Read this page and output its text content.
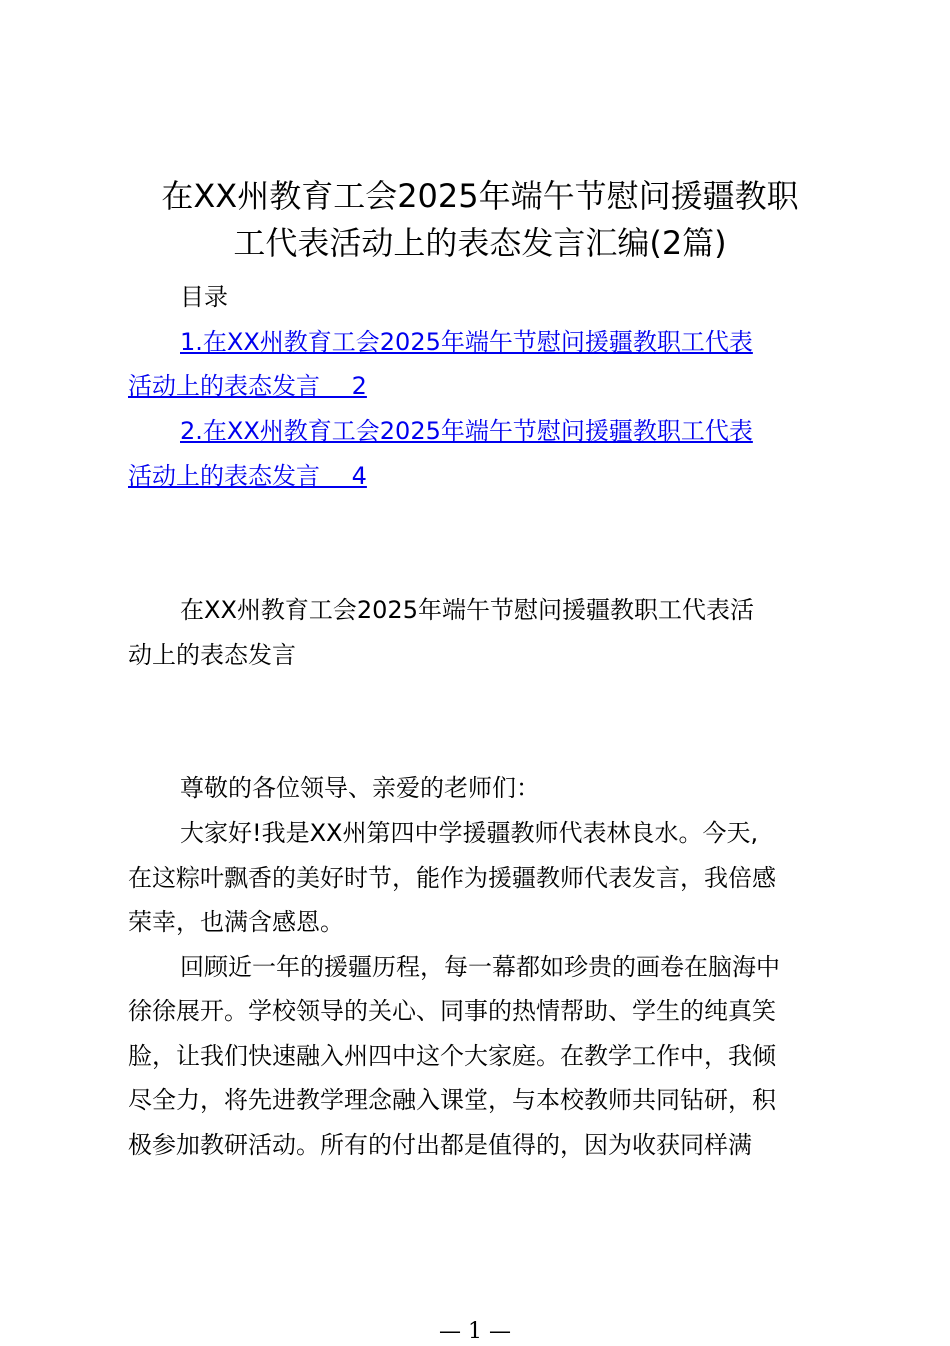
在XX州教育工会2025年端午节慰问援疆教职
工代表活动上的表态发言汇编(2篇)
目录
1.在XX州教育工会2025年端午节慰问援疆教职工代表
活动上的表态发言　 2
2.在XX州教育工会2025年端午节慰问援疆教职工代表
活动上的表态发言　 4
在XX州教育工会2025年端午节慰问援疆教职工代表活
动上的表态发言
尊敬的各位领导、亲爱的老师们：
大家好!我是XX州第四中学援疆教师代表林良水。今天,
在这粽叶飘香的美好时节，能作为援疆教师代表发言，我倍感
荣幸，也满含感恩。
回顾近一年的援疆历程，每一幕都如珍贵的画卷在脑海中
徐徐展开。学校领导的关心、同事的热情帮助、学生的纯真笑
脸，让我们快速融入州四中这个大家庭。在教学工作中，我倾
尽全力，将先进教学理念融入课堂，与本校教师共同钻研，积
极参加教研活动。所有的付出都是值得的，因为收获同样满
— 1 —
